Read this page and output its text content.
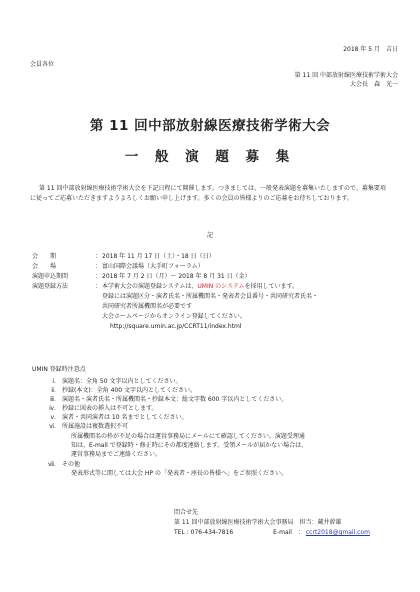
2018 年 5 月　吉日
会員各位
第 11 回 中部放射線医療技術学術大会
大会長　森　光一
第 11 回中部放射線医療技術学術大会
一 般 演 題 募 集
第 11 回中部放射線医療技術学術大会を下記日程にて開催します。つきましては、一般発表演題を募集いたしますので、募集要項に従ってご応募いただきますようよろしくお願い申し上げます。多くの会員の皆様よりのご応募をお待ちしております。
記
会　　期	： 2018 年 11 月 17 日（土）・18 日（日）
会　　場	： 富山国際会議場（大手町フォーラム）
演題申込期間	： 2018 年 7 月 2 日（月）〜 2018 年 8 月 31 日（金）
演題登録方法	： 本学術大会の演題登録システムは、UMIN のシステムを採用しています。
登録には演題区分・演者氏名・所属機関名・発表者会員番号・共同研究者氏名・
共同研究者所属機関名が必要です
大会ホームページからオンライン登録してください。
http://square.umin.ac.jp/CCRT11/index.html
UMIN 登録時注意点
ⅰ． 演題名：全角 50 文字以内としてください。
ⅱ． 抄録(本文)：全角 400 文字以内としてください。
ⅲ． 演題名・演者氏名・所属機関名・抄録本文：総文字数 600 字以内としてください。
ⅳ． 抄録に図表の挿入は不可とします。
ⅴ． 演者・共同演者は 10 名までとしてください。
ⅵ． 所属施設は複数選択不可
所属機関名の枠が不足の場合は運営事務局にメールにて確認してください。演題受理通
知は、E-mail で登録時・修正時にその都度連絡します。受領メールが届かない場合は、
運営事務局までご連絡ください。
ⅶ． その他
発表形式等に関しては大会 HP の「発表者・座長の皆様へ」をご参照ください。
問合せ先
第 11 回中部放射線医療技術学術大会事務局　担当：蔵井幹雄
TEL : 076-434-7816	E-mail　： ccrt2018@gmail.com
